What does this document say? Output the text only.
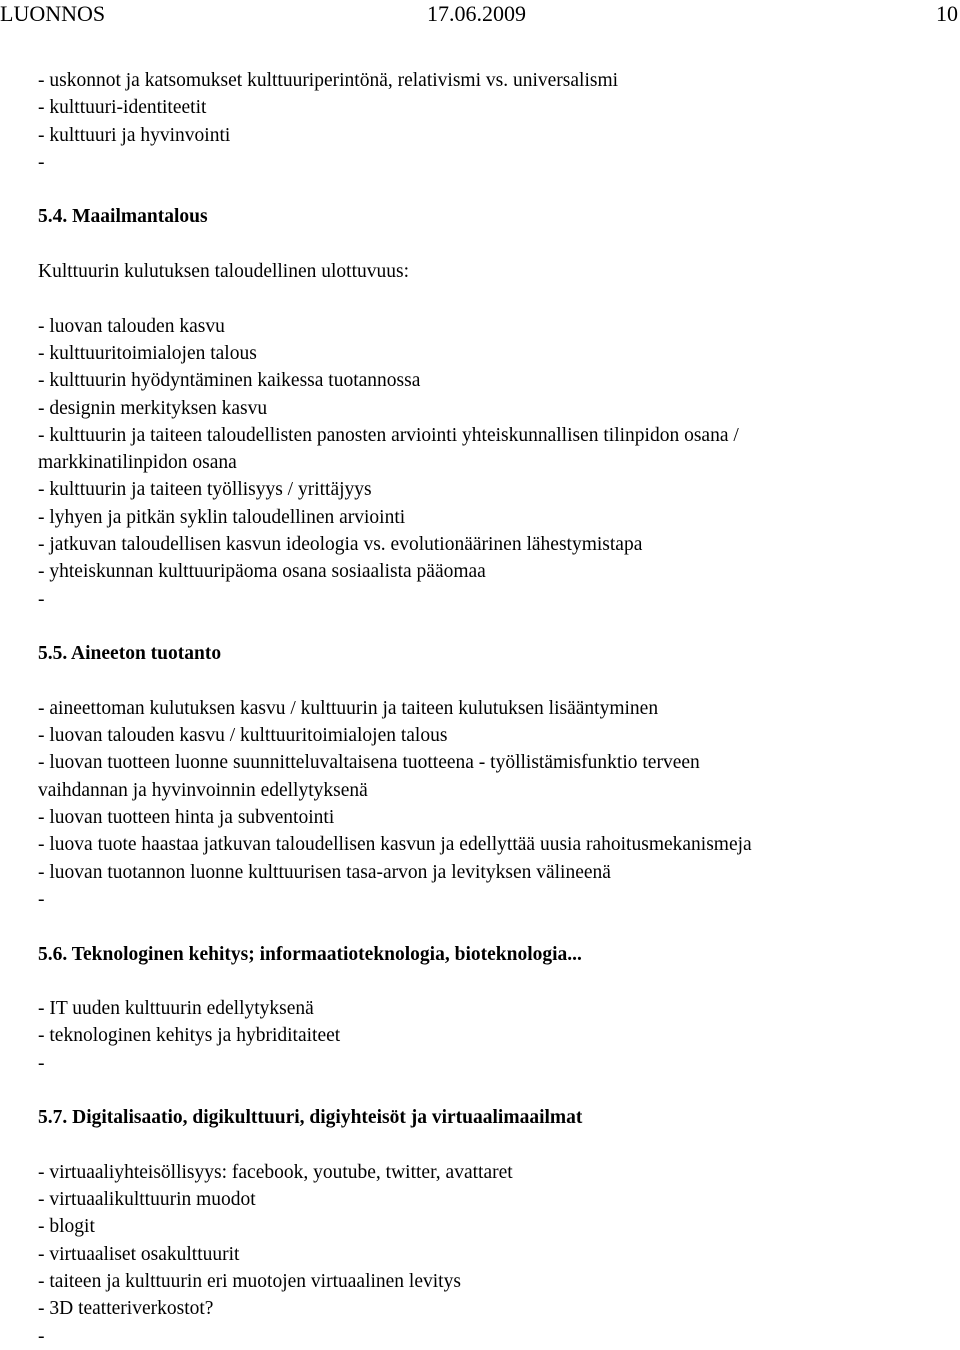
LUONNOS	17.06.2009	10
- uskonnot ja katsomukset kulttuuriperintönä, relativismi vs. universalismi
- kulttuuri-identiteetit
- kulttuuri ja hyvinvointi
-
5.4. Maailmantalous
Kulttuurin kulutuksen taloudellinen ulottuvuus:
- luovan talouden kasvu
- kulttuuritoimialojen talous
- kulttuurin hyödyntäminen kaikessa tuotannossa
- designin merkityksen kasvu
- kulttuurin ja taiteen taloudellisten panosten arviointi yhteiskunnallisen tilinpidon osana /
markkinatilinpidon osana
- kulttuurin ja taiteen työllisyys / yrittäjyys
- lyhyen ja pitkän syklin taloudellinen arviointi
- jatkuvan taloudellisen kasvun ideologia vs. evolutionäärinen lähestymistapa
- yhteiskunnan kulttuuripäoma osana sosiaalista pääomaa
-
5.5. Aineeton tuotanto
- aineettoman kulutuksen kasvu / kulttuurin ja taiteen kulutuksen lisääntyminen
- luovan talouden kasvu / kulttuuritoimialojen talous
- luovan tuotteen luonne suunnitteluvaltaisena tuotteena - työllistämisfunktio terveen
vaihdannan ja hyvinvoinnin edellytyksenä
- luovan tuotteen hinta ja subventointi
- luova tuote haastaa jatkuvan taloudellisen kasvun ja edellyttää uusia rahoitusmekanismeja
- luovan tuotannon luonne kulttuurisen tasa-arvon ja levityksen välineenä
-
5.6. Teknologinen kehitys; informaatioteknologia, bioteknologia...
- IT uuden kulttuurin edellytyksenä
- teknologinen kehitys ja hybriditaiteet
-
5.7. Digitalisaatio, digikulttuuri, digiyhteisöt ja virtuaalimaailmat
- virtuaaliyhteisöllisyys: facebook, youtube, twitter, avattaret
- virtuaalikulttuurin muodot
- blogit
- virtuaaliset osakulttuurit
- taiteen ja kulttuurin eri muotojen virtuaalinen levitys
- 3D teatteriverkostot?
-
